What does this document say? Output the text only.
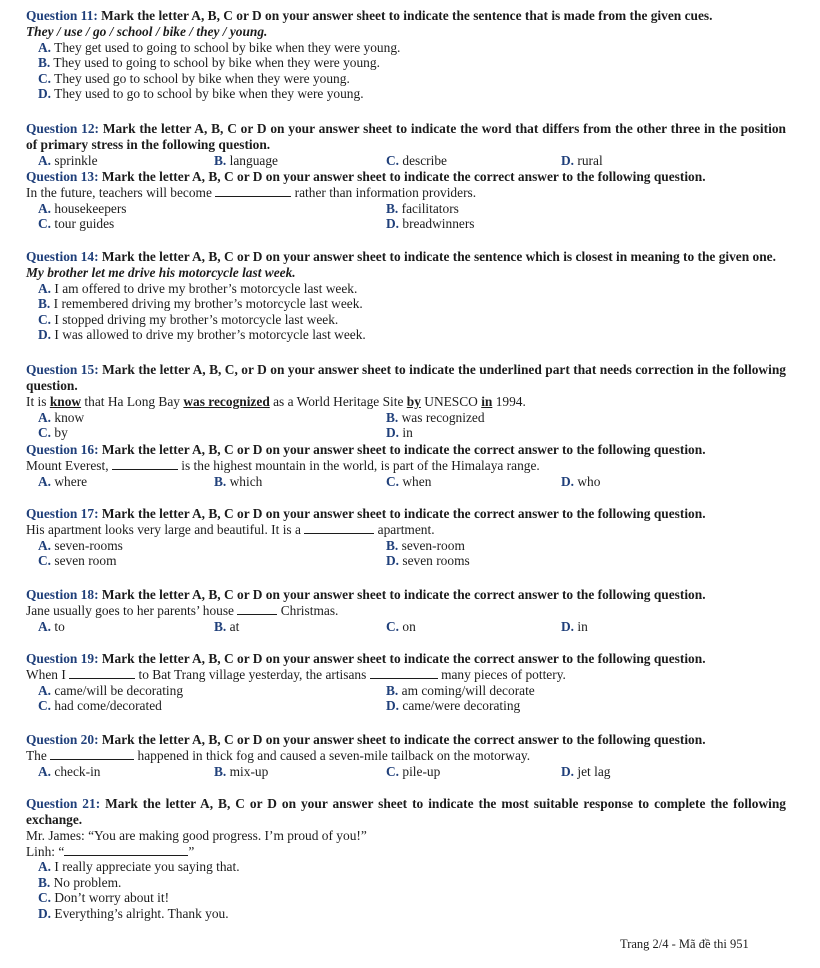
Question 11: Mark the letter A, B, C or D on your answer sheet to indicate the sentence that is made from the given cues.
They / use / go / school / bike / they / young.
A. They get used to going to school by bike when they were young.
B. They used to going to school by bike when they were young.
C. They used go to school by bike when they were young.
D. They used to go to school by bike when they were young.
Question 12: Mark the letter A, B, C or D on your answer sheet to indicate the word that differs from the other three in the position of primary stress in the following question.
A. sprinkle	B. language	C. describe	D. rural
Question 13: Mark the letter A, B, C or D on your answer sheet to indicate the correct answer to the following question.
In the future, teachers will become	rather than information providers.
A. housekeepers	B. facilitators
C. tour guides	D. breadwinners
Question 14: Mark the letter A, B, C or D on your answer sheet to indicate the sentence which is closest in meaning to the given one.
My brother let me drive his motorcycle last week.
A. I am offered to drive my brother’s motorcycle last week.
B. I remembered driving my brother’s motorcycle last week.
C. I stopped driving my brother’s motorcycle last week.
D. I was allowed to drive my brother’s motorcycle last week.
Question 15: Mark the letter A, B, C, or D on your answer sheet to indicate the underlined part that needs correction in the following question.
It is know that Ha Long Bay was recognized as a World Heritage Site by UNESCO in 1994.
A. know	B. was recognized
C. by	D. in
Question 16: Mark the letter A, B, C or D on your answer sheet to indicate the correct answer to the following question.
Mount Everest,	is the highest mountain in the world, is part of the Himalaya range.
A. where	B. which	C. when	D. who
Question 17: Mark the letter A, B, C or D on your answer sheet to indicate the correct answer to the following question.
His apartment looks very large and beautiful. It is a	apartment.
A. seven-rooms	B. seven-room
C. seven room	D. seven rooms
Question 18: Mark the letter A, B, C or D on your answer sheet to indicate the correct answer to the following question.
Jane usually goes to her parents’ house	Christmas.
A. to	B. at	C. on	D. in
Question 19: Mark the letter A, B, C or D on your answer sheet to indicate the correct answer to the following question.
When I	to Bat Trang village yesterday, the artisans	many pieces of pottery.
A. came/will be decorating	B. am coming/will decorate
C. had come/decorated	D. came/were decorating
Question 20: Mark the letter A, B, C or D on your answer sheet to indicate the correct answer to the following question.
The	happened in thick fog and caused a seven-mile tailback on the motorway.
A. check-in	B. mix-up	C. pile-up	D. jet lag
Question 21: Mark the letter A, B, C or D on your answer sheet to indicate the most suitable response to complete the following exchange.
Mr. James: “You are making good progress. I’m proud of you!”
Linh: “	”
A. I really appreciate you saying that.
B. No problem.
C. Don’t worry about it!
D. Everything’s alright. Thank you.
Trang 2/4 - Mã đề thi 951
